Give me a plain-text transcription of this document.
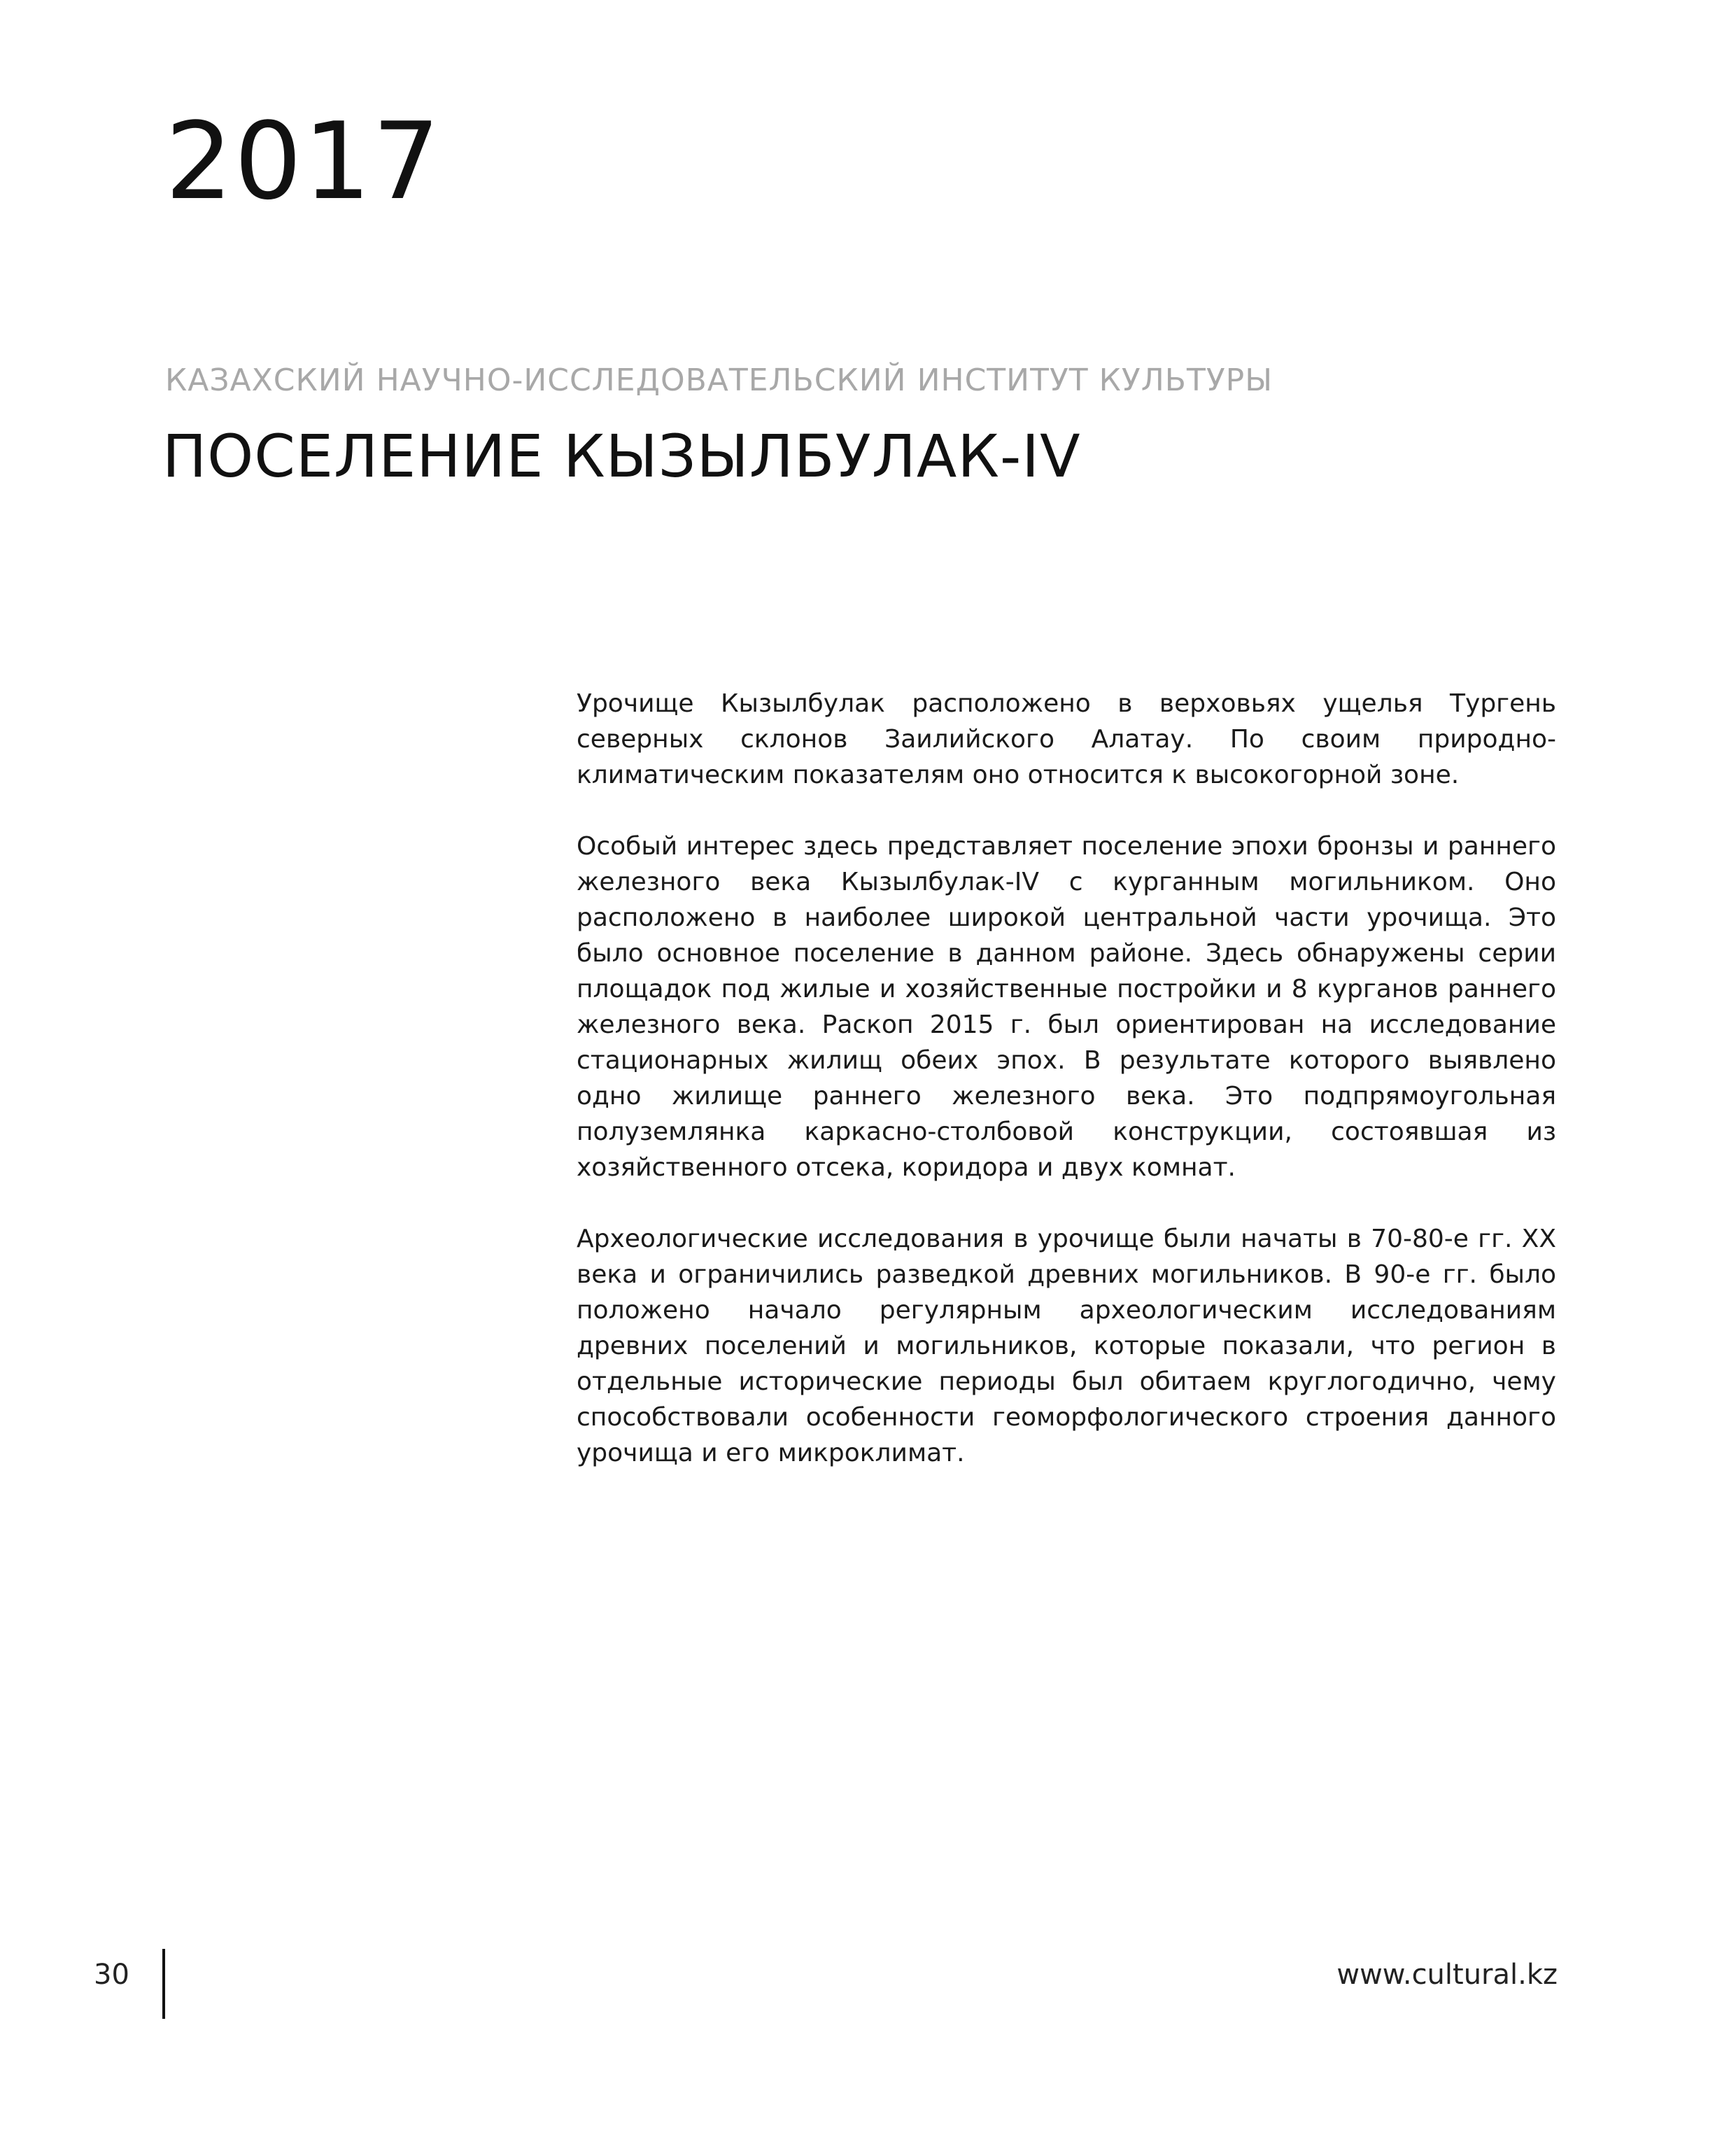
2017
КАЗАХСКИЙ НАУЧНО-ИССЛЕДОВАТЕЛЬСКИЙ ИНСТИТУТ КУЛЬТУРЫ
ПОСЕЛЕНИЕ КЫЗЫЛБУЛАК-IV

Урочище Кызылбулак расположено в верховьях ущелья Тургень северных склонов Заилийского Алатау. По своим природно-климатическим показателям оно относится к высокогорной зоне.

Особый интерес здесь представляет поселение эпохи бронзы и раннего железного века Кызылбулак-IV с курганным могильником. Оно расположено в наиболее широкой центральной части урочища. Это было основное поселение в данном районе. Здесь обнаружены серии площадок под жилые и хозяйственные постройки и 8 курганов раннего железного века. Раскоп 2015 г. был ориентирован на исследование стационарных жилищ обеих эпох. В результате которого выявлено одно жилище раннего железного века. Это подпрямоугольная полуземлянка каркасно-столбовой конструкции, состоявшая из хозяйственного отсека, коридора и двух комнат.

Археологические исследования в урочище были начаты в 70-80-е гг. XX века и ограничились разведкой древних могильников. В 90-е гг. было положено начало регулярным археологическим исследованиям древних поселений и могильников, которые показали, что регион в отдельные исторические периоды был обитаем круглогодично, чему способствовали особенности геоморфологического строения данного урочища и его микроклимат.

30	www.cultural.kz
